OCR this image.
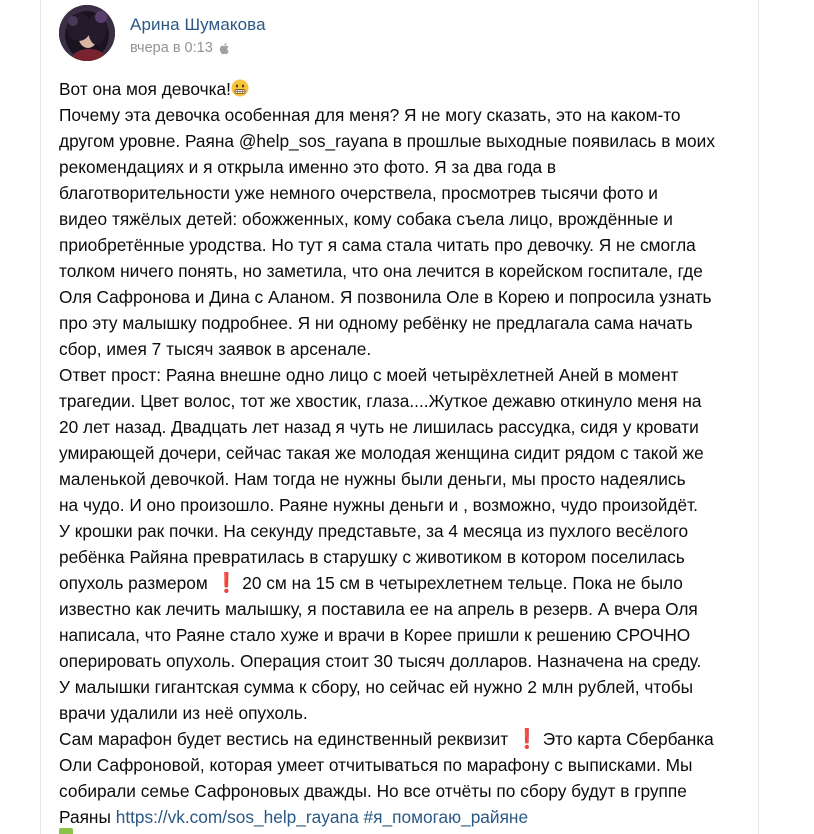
Арина Шумакова
вчера в 0:13
Вот она моя девочка!
Почему эта девочка особенная для меня? Я не могу сказать, это на каком-то
другом уровне. Раяна @help_sos_rayana в прошлые выходные появилась в моих
рекомендациях и я открыла именно это фото. Я за два года в
благотворительности уже немного очерствела, просмотрев тысячи фото и
видео тяжёлых детей: обожженных, кому собака съела лицо, врождённые и
приобретённые уродства. Но тут я сама стала читать про девочку. Я не смогла
толком ничего понять, но заметила, что она лечится в корейском госпитале, где
Оля Сафронова и Дина с Аланом. Я позвонила Оле в Корею и попросила узнать
про эту малышку подробнее. Я ни одному ребёнку не предлагала сама начать
сбор, имея 7 тысяч заявок в арсенале.
Ответ прост: Раяна внешне одно лицо с моей четырёхлетней Аней в момент
трагедии. Цвет волос, тот же хвостик, глаза....Жуткое дежавю откинуло меня на
20 лет назад. Двадцать лет назад я чуть не лишилась рассудка, сидя у кровати
умирающей дочери, сейчас такая же молодая женщина сидит рядом с такой же
маленькой девочкой. Нам тогда не нужны были деньги, мы просто надеялись
на чудо. И оно произошло. Раяне нужны деньги и , возможно, чудо произойдёт.
У крошки рак почки. На секунду представьте, за 4 месяца из пухлого весёлого
ребёнка Райяна превратилась в старушку с животиком в котором поселилась
опухоль размером ❗ 20 см на 15 см в четырехлетнем тельце. Пока не было
известно как лечить малышку, я поставила ее на апрель в резерв. А вчера Оля
написала, что Раяне стало хуже и врачи в Корее пришли к решению СРОЧНО
оперировать опухоль. Операция стоит 30 тысяч долларов. Назначена на среду.
У малышки гигантская сумма к сбору, но сейчас ей нужно 2 млн рублей, чтобы
врачи удалили из неё опухоль.
Сам марафон будет вестись на единственный реквизит ❗ Это карта Сбербанка
Оли Сафроновой, которая умеет отчитываться по марафону с выписками. Мы
собирали семье Сафроновых дважды. Но все отчёты по сбору будут в группе
Раяны https://vk.com/sos_help_rayana #я_помогаю_райяне
